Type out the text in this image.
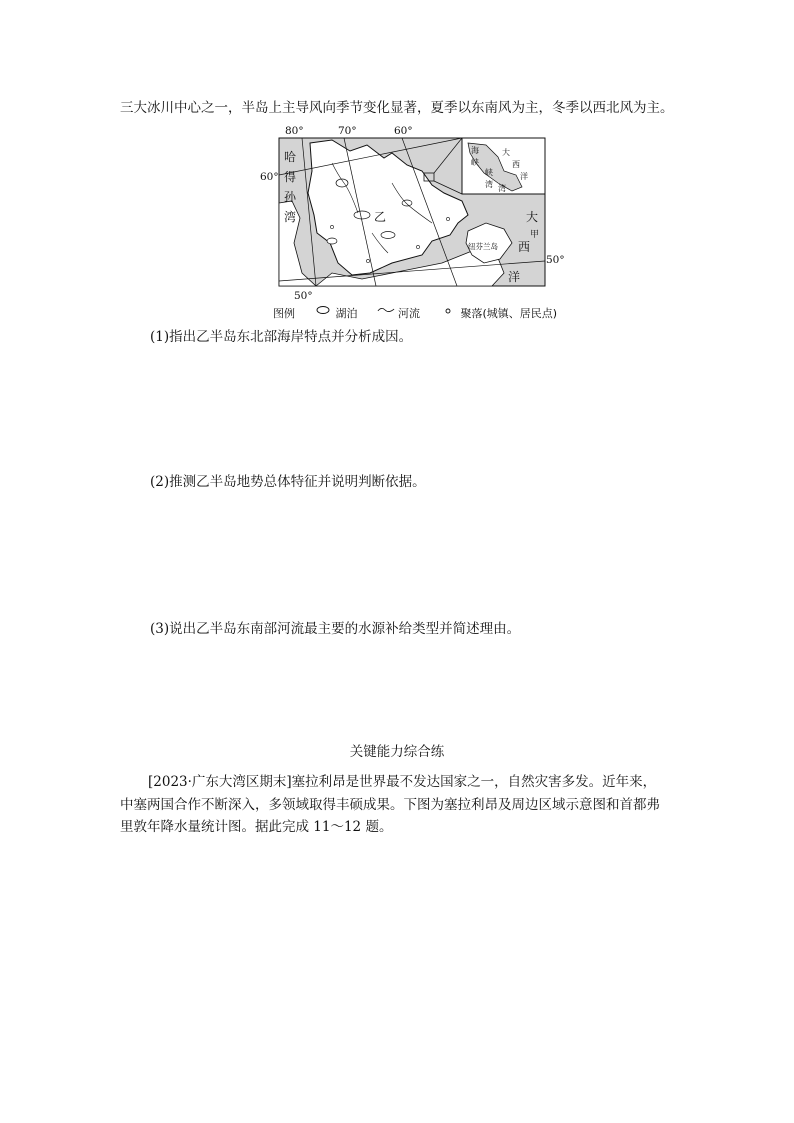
三大冰川中心之一，半岛上主导风向季节变化显著，夏季以东南风为主，冬季以西北风为主。
80°	70°	60°
60°
50°
50°
哈
得
孙
湾	乙	大
西
洋
甲
纽芬兰岛
海
峡
峡
湾
大
西
洋
湾
图例	湖泊	河流	聚落(城镇、居民点)
(1)指出乙半岛东北部海岸特点并分析成因。
(2)推测乙半岛地势总体特征并说明判断依据。
(3)说出乙半岛东南部河流最主要的水源补给类型并简述理由。
关键能力综合练
[2023·广东大湾区期末]塞拉利昂是世界最不发达国家之一，自然灾害多发。近年来，
中塞两国合作不断深入，多领域取得丰硕成果。下图为塞拉利昂及周边区域示意图和首都弗
里敦年降水量统计图。据此完成 11～12 题。
